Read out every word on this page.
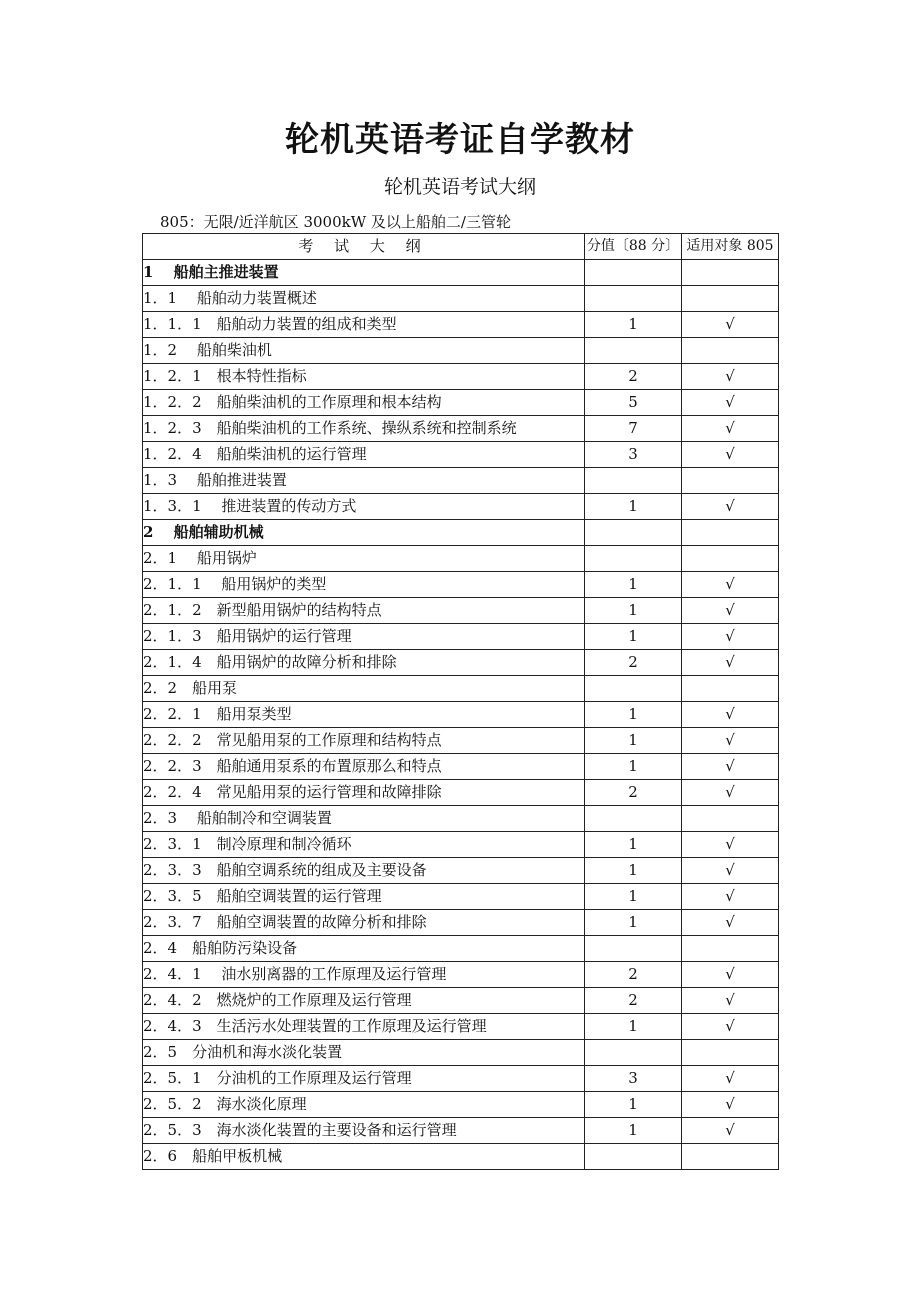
轮机英语考证自学教材
轮机英语考试大纲
805：无限/近洋航区 3000kW 及以上船舶二/三管轮
考 试 大 纲	分值〔88 分〕	适用对象 805
1　 船舶主推进装置		
1．1　 船舶动力装置概述		
1．1．1　船舶动力装置的组成和类型	1	√
1．2　 船舶柴油机		
1．2．1　根本特性指标	2	√
1．2．2　船舶柴油机的工作原理和根本结构	5	√
1．2．3　船舶柴油机的工作系统、操纵系统和控制系统	7	√
1．2．4　船舶柴油机的运行管理	3	√
1．3　 船舶推进装置		
1．3．1　 推进装置的传动方式	1	√
2　 船舶辅助机械		
2．1　 船用锅炉		
2．1．1　 船用锅炉的类型	1	√
2．1．2　新型船用锅炉的结构特点	1	√
2．1．3　船用锅炉的运行管理	1	√
2．1．4　船用锅炉的故障分析和排除	2	√
2．2　船用泵		
2．2．1　船用泵类型	1	√
2．2．2　常见船用泵的工作原理和结构特点	1	√
2．2．3　船舶通用泵系的布置原那么和特点	1	√
2．2．4　常见船用泵的运行管理和故障排除	2	√
2．3　 船舶制冷和空调装置		
2．3．1　制冷原理和制冷循环	1	√
2．3．3　船舶空调系统的组成及主要设备	1	√
2．3．5　船舶空调装置的运行管理	1	√
2．3．7　船舶空调装置的故障分析和排除	1	√
2．4　船舶防污染设备		
2．4．1　 油水别离器的工作原理及运行管理	2	√
2．4．2　燃烧炉的工作原理及运行管理	2	√
2．4．3　生活污水处理装置的工作原理及运行管理	1	√
2．5　分油机和海水淡化装置		
2．5．1　分油机的工作原理及运行管理	3	√
2．5．2　海水淡化原理	1	√
2．5．3　海水淡化装置的主要设备和运行管理	1	√
2．6　船舶甲板机械		
